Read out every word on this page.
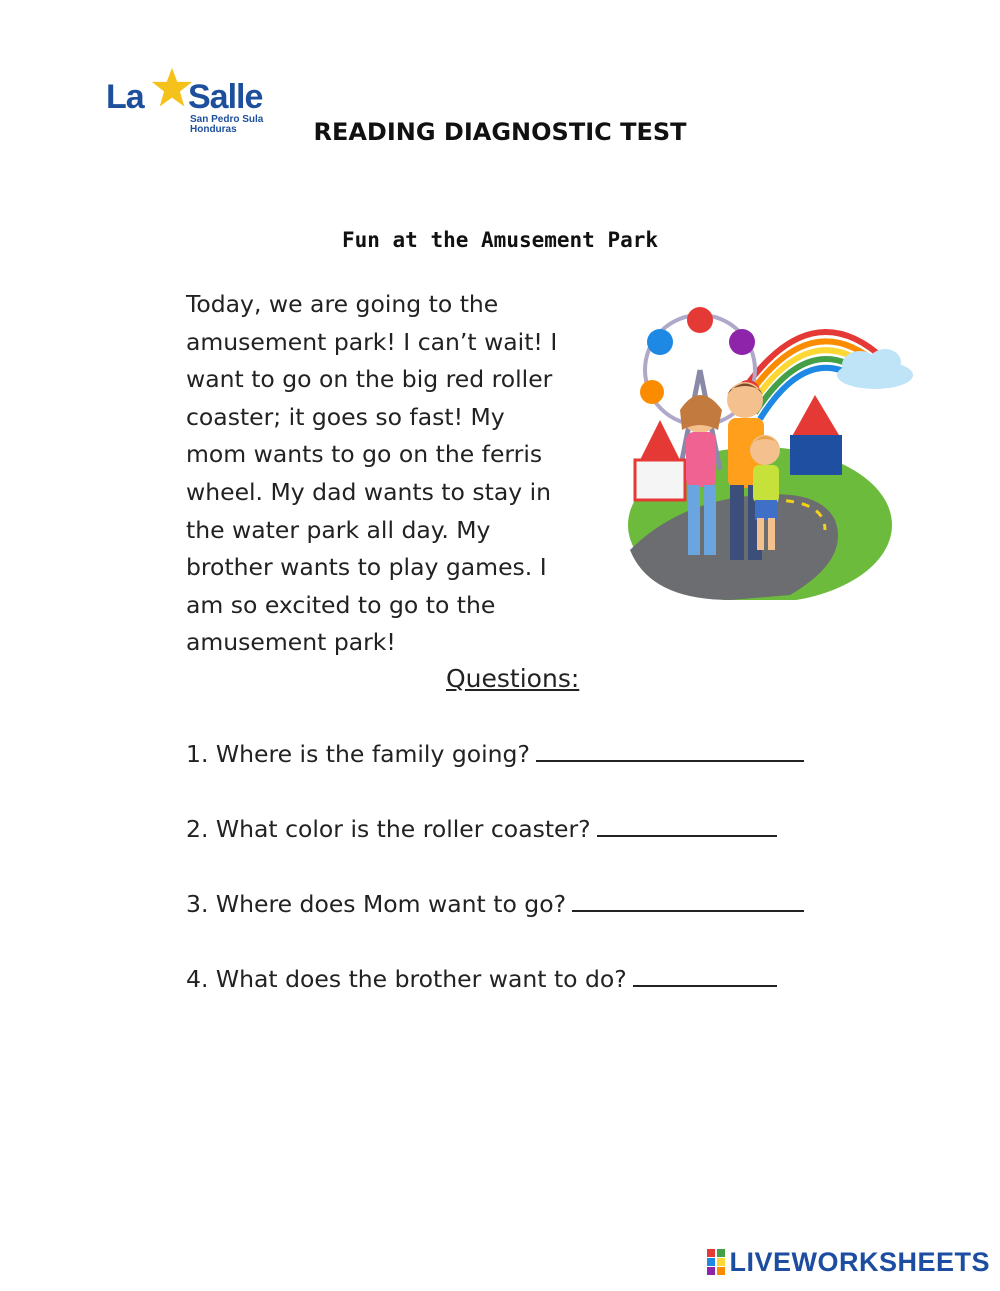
La Salle
San Pedro Sula
Honduras	READING DIAGNOSTIC TEST
Fun at the Amusement Park
Today, we are going to the
amusement park! I can’t wait! I
want to go on the big red roller
coaster; it goes so fast! My
mom wants to go on the ferris
wheel. My dad wants to stay in
the water park all day. My
brother wants to play games. I
am so excited to go to the
amusement park!
Questions:
1. Where is the family going?
2. What color is the roller coaster?
3. Where does Mom want to go?
4. What does the brother want to do?
LIVEWORKSHEETS
